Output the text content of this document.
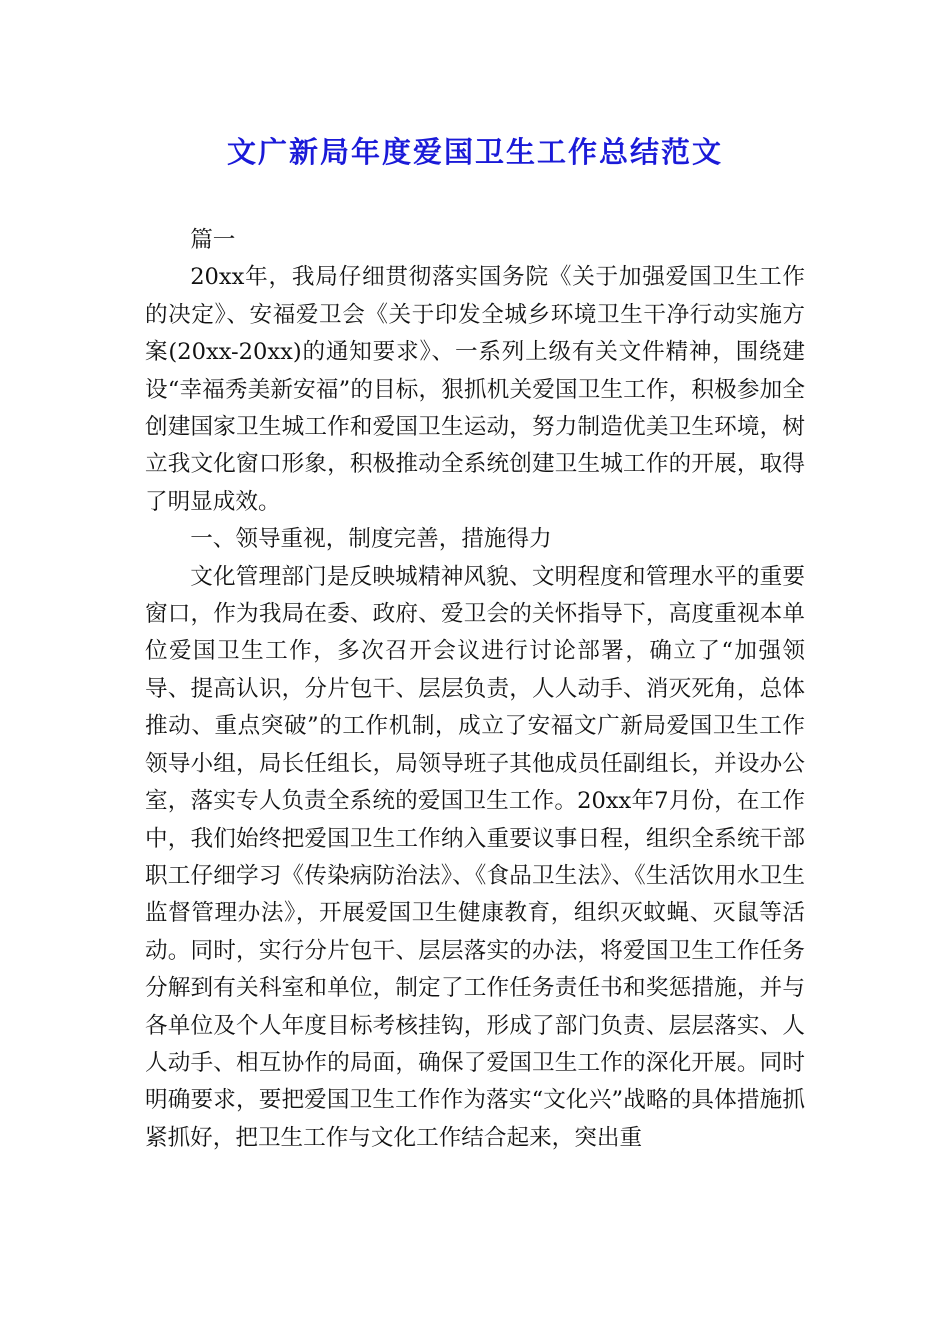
文广新局年度爱国卫生工作总结范文

篇一

20xx年，我局仔细贯彻落实国务院《关于加强爱国卫生工作的决定》、安福爱卫会《关于印发全城乡环境卫生干净行动实施方案(20xx-20xx)的通知要求》、一系列上级有关文件精神，围绕建设“幸福秀美新安福”的目标，狠抓机关爱国卫生工作，积极参加全创建国家卫生城工作和爱国卫生运动，努力制造优美卫生环境，树立我文化窗口形象，积极推动全系统创建卫生城工作的开展，取得了明显成效。

一、领导重视，制度完善，措施得力

文化管理部门是反映城精神风貌、文明程度和管理水平的重要窗口，作为我局在委、政府、爱卫会的关怀指导下，高度重视本单位爱国卫生工作，多次召开会议进行讨论部署，确立了“加强领导、提高认识，分片包干、层层负责，人人动手、消灭死角，总体推动、重点突破”的工作机制，成立了安福文广新局爱国卫生工作领导小组，局长任组长，局领导班子其他成员任副组长，并设办公室，落实专人负责全系统的爱国卫生工作。20xx年7月份，在工作中，我们始终把爱国卫生工作纳入重要议事日程，组织全系统干部职工仔细学习《传染病防治法》、《食品卫生法》、《生活饮用水卫生监督管理办法》，开展爱国卫生健康教育，组织灭蚊蝇、灭鼠等活动。同时，实行分片包干、层层落实的办法，将爱国卫生工作任务分解到有关科室和单位，制定了工作任务责任书和奖惩措施，并与各单位及个人年度目标考核挂钩，形成了部门负责、层层落实、人人动手、相互协作的局面，确保了爱国卫生工作的深化开展。同时明确要求，要把爱国卫生工作作为落实“文化兴”战略的具体措施抓紧抓好，把卫生工作与文化工作结合起来，突出重
